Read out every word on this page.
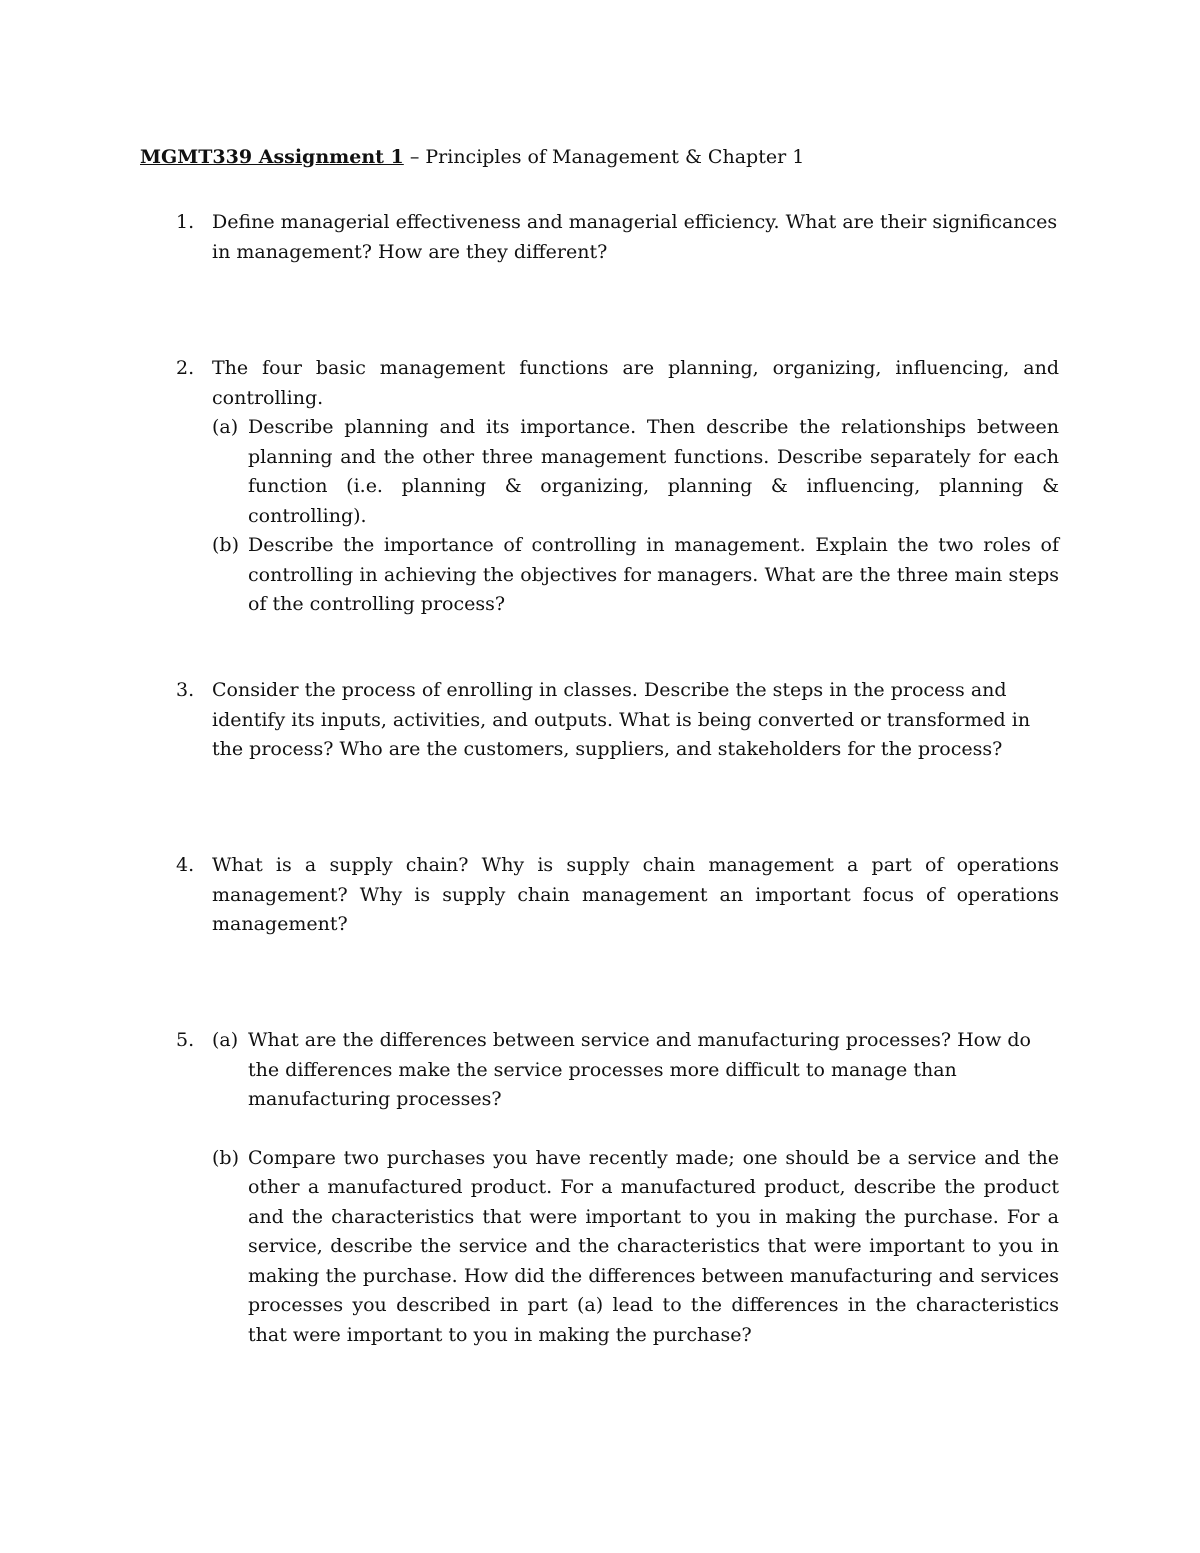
MGMT339 Assignment 1 – Principles of Management & Chapter 1
1. Define managerial effectiveness and managerial efficiency. What are their significances in management? How are they different?
2. The four basic management functions are planning, organizing, influencing, and controlling.
(a) Describe planning and its importance. Then describe the relationships between planning and the other three management functions. Describe separately for each function (i.e. planning & organizing, planning & influencing, planning & controlling).
(b) Describe the importance of controlling in management. Explain the two roles of controlling in achieving the objectives for managers. What are the three main steps of the controlling process?
3. Consider the process of enrolling in classes. Describe the steps in the process and identify its inputs, activities, and outputs. What is being converted or transformed in the process? Who are the customers, suppliers, and stakeholders for the process?
4. What is a supply chain? Why is supply chain management a part of operations management? Why is supply chain management an important focus of operations management?
5. (a) What are the differences between service and manufacturing processes? How do the differences make the service processes more difficult to manage than manufacturing processes?
(b) Compare two purchases you have recently made; one should be a service and the other a manufactured product. For a manufactured product, describe the product and the characteristics that were important to you in making the purchase. For a service, describe the service and the characteristics that were important to you in making the purchase. How did the differences between manufacturing and services processes you described in part (a) lead to the differences in the characteristics that were important to you in making the purchase?
